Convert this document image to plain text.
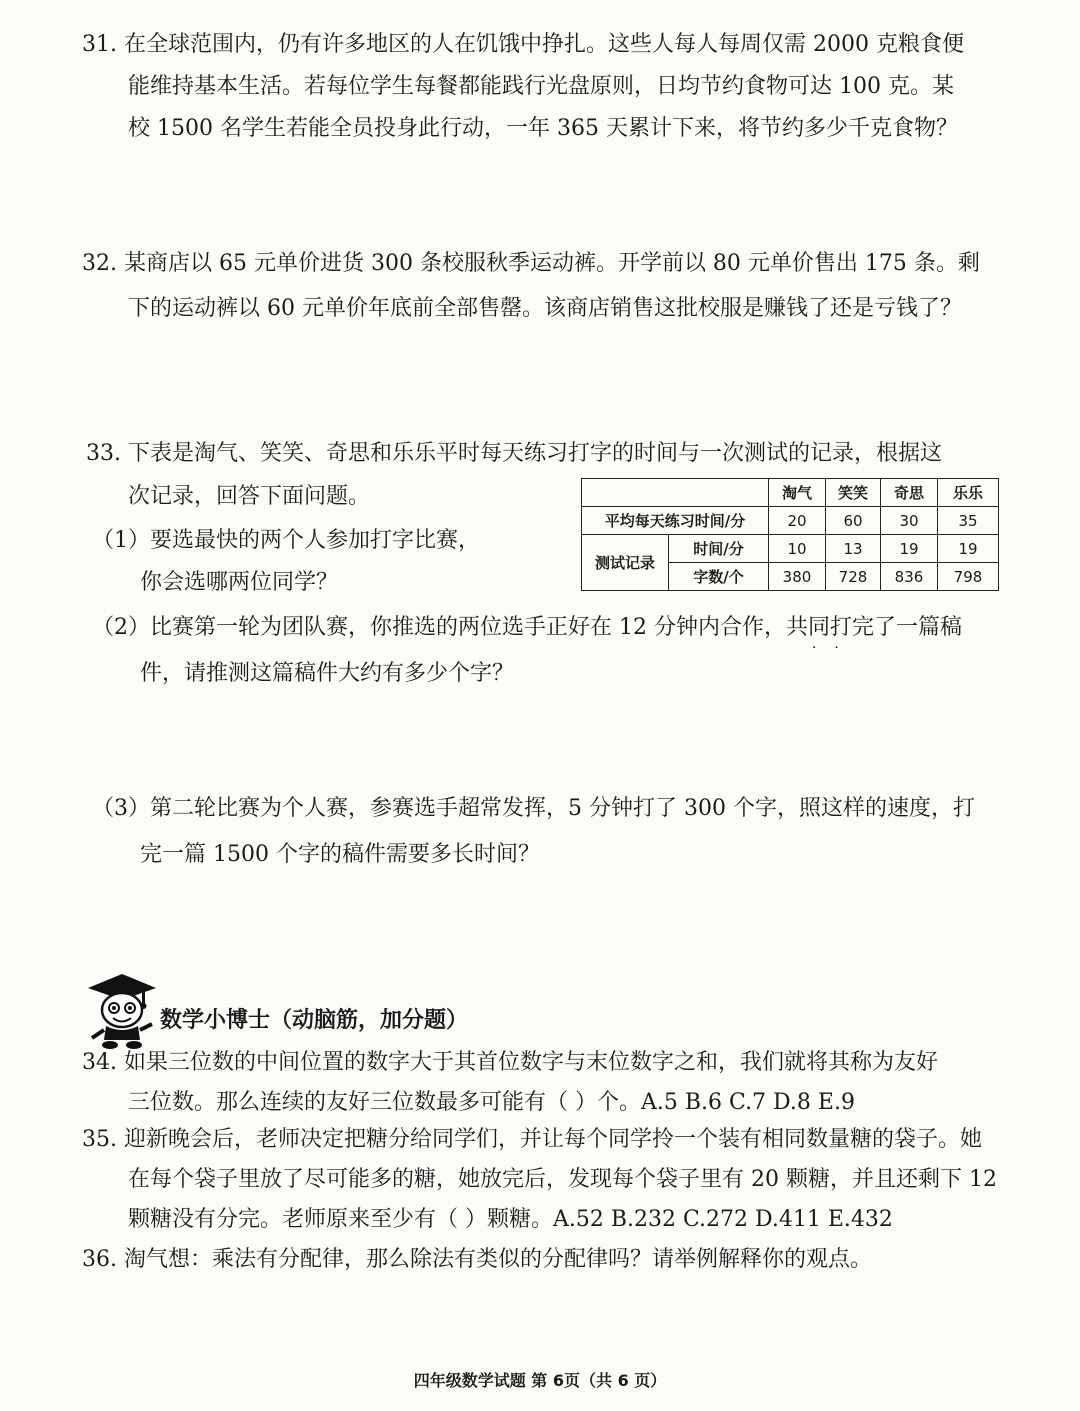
31. 在全球范围内，仍有许多地区的人在饥饿中挣扎。这些人每人每周仅需 2000 克粮食便
能维持基本生活。若每位学生每餐都能践行光盘原则，日均节约食物可达 100 克。某
校 1500 名学生若能全员投身此行动，一年 365 天累计下来，将节约多少千克食物？
32. 某商店以 65 元单价进货 300 条校服秋季运动裤。开学前以 80 元单价售出 175 条。剩
下的运动裤以 60 元单价年底前全部售罄。该商店销售这批校服是赚钱了还是亏钱了？
33. 下表是淘气、笑笑、奇思和乐乐平时每天练习打字的时间与一次测试的记录，根据这
次记录，回答下面问题。
（1）要选最快的两个人参加打字比赛，
你会选哪两位同学？
（2）比赛第一轮为团队赛，你推选的两位选手正好在 12 分钟内合作，共同打完了一篇稿
件，请推测这篇稿件大约有多少个字？
（3）第二轮比赛为个人赛，参赛选手超常发挥，5 分钟打了 300 个字，照这样的速度，打
完一篇 1500 个字的稿件需要多长时间？
		淘气	笑笑	奇思	乐乐
平均每天练习时间/分		20	60	30	35
测试记录	时间/分	10	13	19	19
	字数/个	380	728	836	798
·    ·
数学小博士（动脑筋，加分题）
34. 如果三位数的中间位置的数字大于其首位数字与末位数字之和，我们就将其称为友好
三位数。那么连续的友好三位数最多可能有（ ）个。A.5 B.6 C.7 D.8 E.9
35. 迎新晚会后，老师决定把糖分给同学们，并让每个同学拎一个装有相同数量糖的袋子。她
在每个袋子里放了尽可能多的糖，她放完后，发现每个袋子里有 20 颗糖，并且还剩下 12
颗糖没有分完。老师原来至少有（ ）颗糖。A.52 B.232 C.272 D.411 E.432
36. 淘气想：乘法有分配律，那么除法有类似的分配律吗？请举例解释你的观点。
四年级数学试题 第 6页（共 6 页）
